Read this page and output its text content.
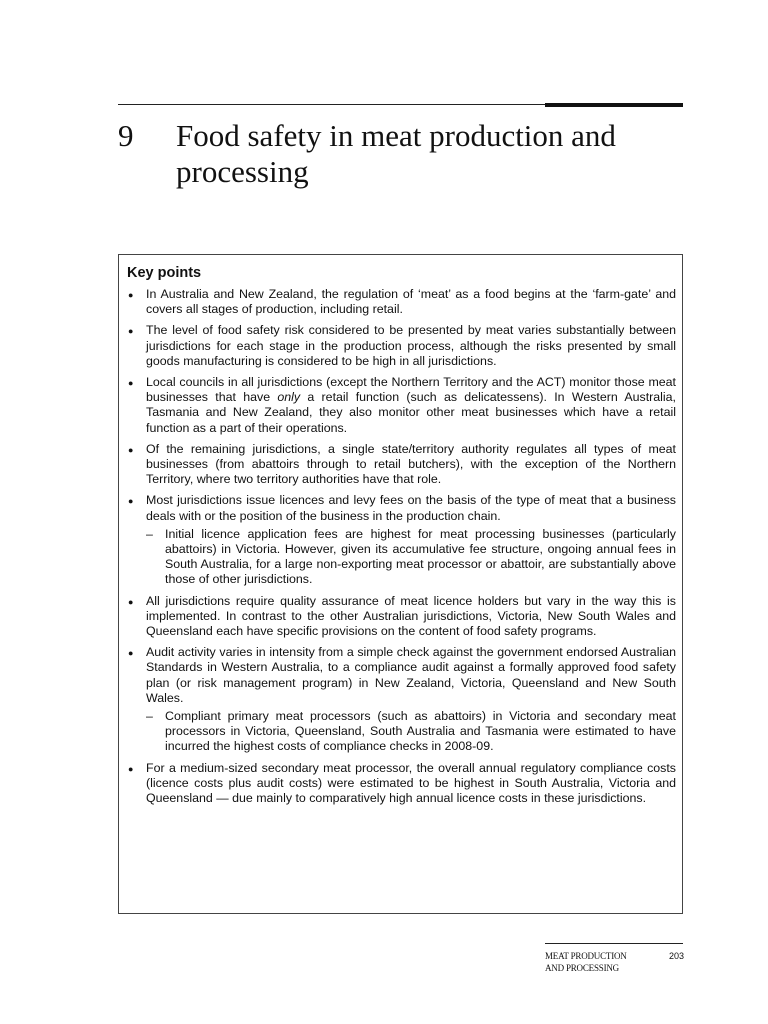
9 Food safety in meat production and processing
Key points
● In Australia and New Zealand, the regulation of ‘meat’ as a food begins at the ‘farm-gate’ and covers all stages of production, including retail.
● The level of food safety risk considered to be presented by meat varies substantially between jurisdictions for each stage in the production process, although the risks presented by small goods manufacturing is considered to be high in all jurisdictions.
● Local councils in all jurisdictions (except the Northern Territory and the ACT) monitor those meat businesses that have only a retail function (such as delicatessens). In Western Australia, Tasmania and New Zealand, they also monitor other meat businesses which have a retail function as a part of their operations.
● Of the remaining jurisdictions, a single state/territory authority regulates all types of meat businesses (from abattoirs through to retail butchers), with the exception of the Northern Territory, where two territory authorities have that role.
● Most jurisdictions issue licences and levy fees on the basis of the type of meat that a business deals with or the position of the business in the production chain.
– Initial licence application fees are highest for meat processing businesses (particularly abattoirs) in Victoria. However, given its accumulative fee structure, ongoing annual fees in South Australia, for a large non-exporting meat processor or abattoir, are substantially above those of other jurisdictions.
● All jurisdictions require quality assurance of meat licence holders but vary in the way this is implemented. In contrast to the other Australian jurisdictions, Victoria, New South Wales and Queensland each have specific provisions on the content of food safety programs.
● Audit activity varies in intensity from a simple check against the government endorsed Australian Standards in Western Australia, to a compliance audit against a formally approved food safety plan (or risk management program) in New Zealand, Victoria, Queensland and New South Wales.
– Compliant primary meat processors (such as abattoirs) in Victoria and secondary meat processors in Victoria, Queensland, South Australia and Tasmania were estimated to have incurred the highest costs of compliance checks in 2008-09.
● For a medium-sized secondary meat processor, the overall annual regulatory compliance costs (licence costs plus audit costs) were estimated to be highest in South Australia, Victoria and Queensland — due mainly to comparatively high annual licence costs in these jurisdictions.
MEAT PRODUCTION
AND PROCESSING
203
